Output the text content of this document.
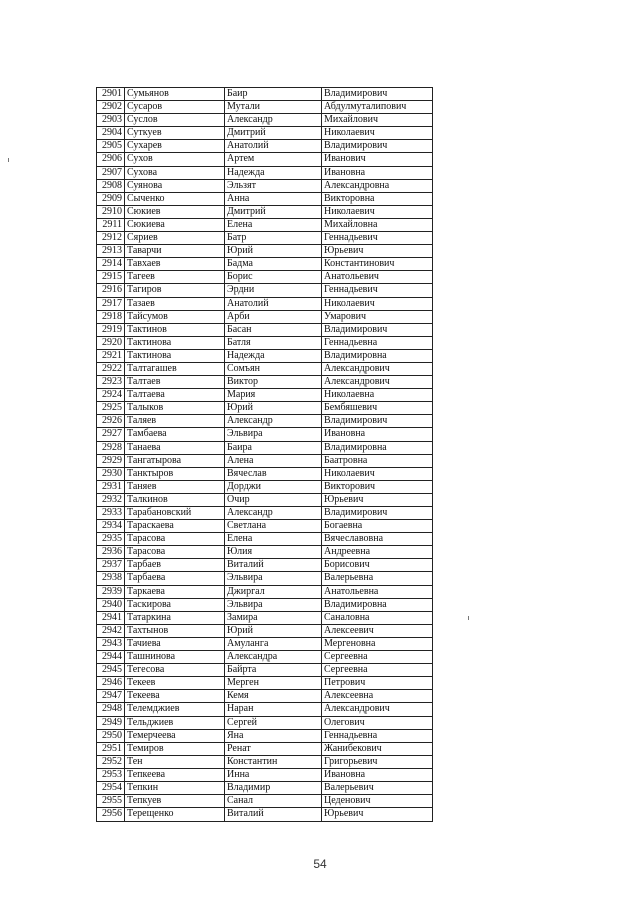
2901 Сумьянов	Баир	Владимирович
2902 Сусаров	Мутали	Абдулмуталипович
2903 Суслов	Александр	Михайлович
2904 Суткуев	Дмитрий	Николаевич
2905 Сухарев	Анатолий	Владимирович
2906 Сухов	Артем	Иванович
2907 Сухова	Надежда	Ивановна
2908 Суянова	Эльзят	Александровна
2909 Сыченко	Анна	Викторовна
2910 Сюкиев	Дмитрий	Николаевич
2911 Сюкиева	Елена	Михайловна
2912 Сяриев	Батр	Геннадьевич
2913 Таварчи	Юрий	Юрьевич
2914 Тавхаев	Бадма	Константинович
2915 Тагеев	Борис	Анатольевич
2916 Тагиров	Эрдни	Геннадьевич
2917 Тазаев	Анатолий	Николаевич
2918 Тайсумов	Арби	Умарович
2919 Тактинов	Басан	Владимирович
2920 Тактинова	Батля	Геннадьевна
2921 Тактинова	Надежда	Владимировна
2922 Талтагашев	Сомъян	Александрович
2923 Талтаев	Виктор	Александрович
2924 Талтаева	Мария	Николаевна
2925 Талыков	Юрий	Бембяшевич
2926 Таляев	Александр	Владимирович
2927 Тамбаева	Эльвира	Ивановна
2928 Танаева	Баира	Владимировна
2929 Тангатырова	Алена	Баатровна
2930 Танктыров	Вячеслав	Николаевич
2931 Таняев	Дорджи	Викторович
2932 Талкинов	Очир	Юрьевич
2933 Тарабановский	Александр	Владимирович
2934 Тараскаева	Светлана	Богаевна
2935 Тарасова	Елена	Вячеславовна
2936 Тарасова	Юлия	Андреевна
2937 Тарбаев	Виталий	Борисович
2938 Тарбаева	Эльвира	Валерьевна
2939 Таркаева	Джиргал	Анатольевна
2940 Таскирова	Эльвира	Владимировна
2941 Татаркина	Замира	Саналовна
2942 Тахтынов	Юрий	Алексеевич
2943 Тачиева	Амуланга	Мергеновна
2944 Ташнинова	Александра	Сергеевна
2945 Тегесова	Байрта	Сергеевна
2946 Текеев	Мерген	Петрович
2947 Текеева	Кемя	Алексеевна
2948 Телемджиев	Наран	Александрович
2949 Тельджиев	Сергей	Олегович
2950 Темерчеева	Яна	Геннадьевна
2951 Темиров	Ренат	Жанибекович
2952 Тен	Константин	Григорьевич
2953 Тепкеева	Инна	Ивановна
2954 Тепкин	Владимир	Валерьевич
2955 Тепкуев	Санал	Цеденович
2956 Терещенко	Виталий	Юрьевич
54
